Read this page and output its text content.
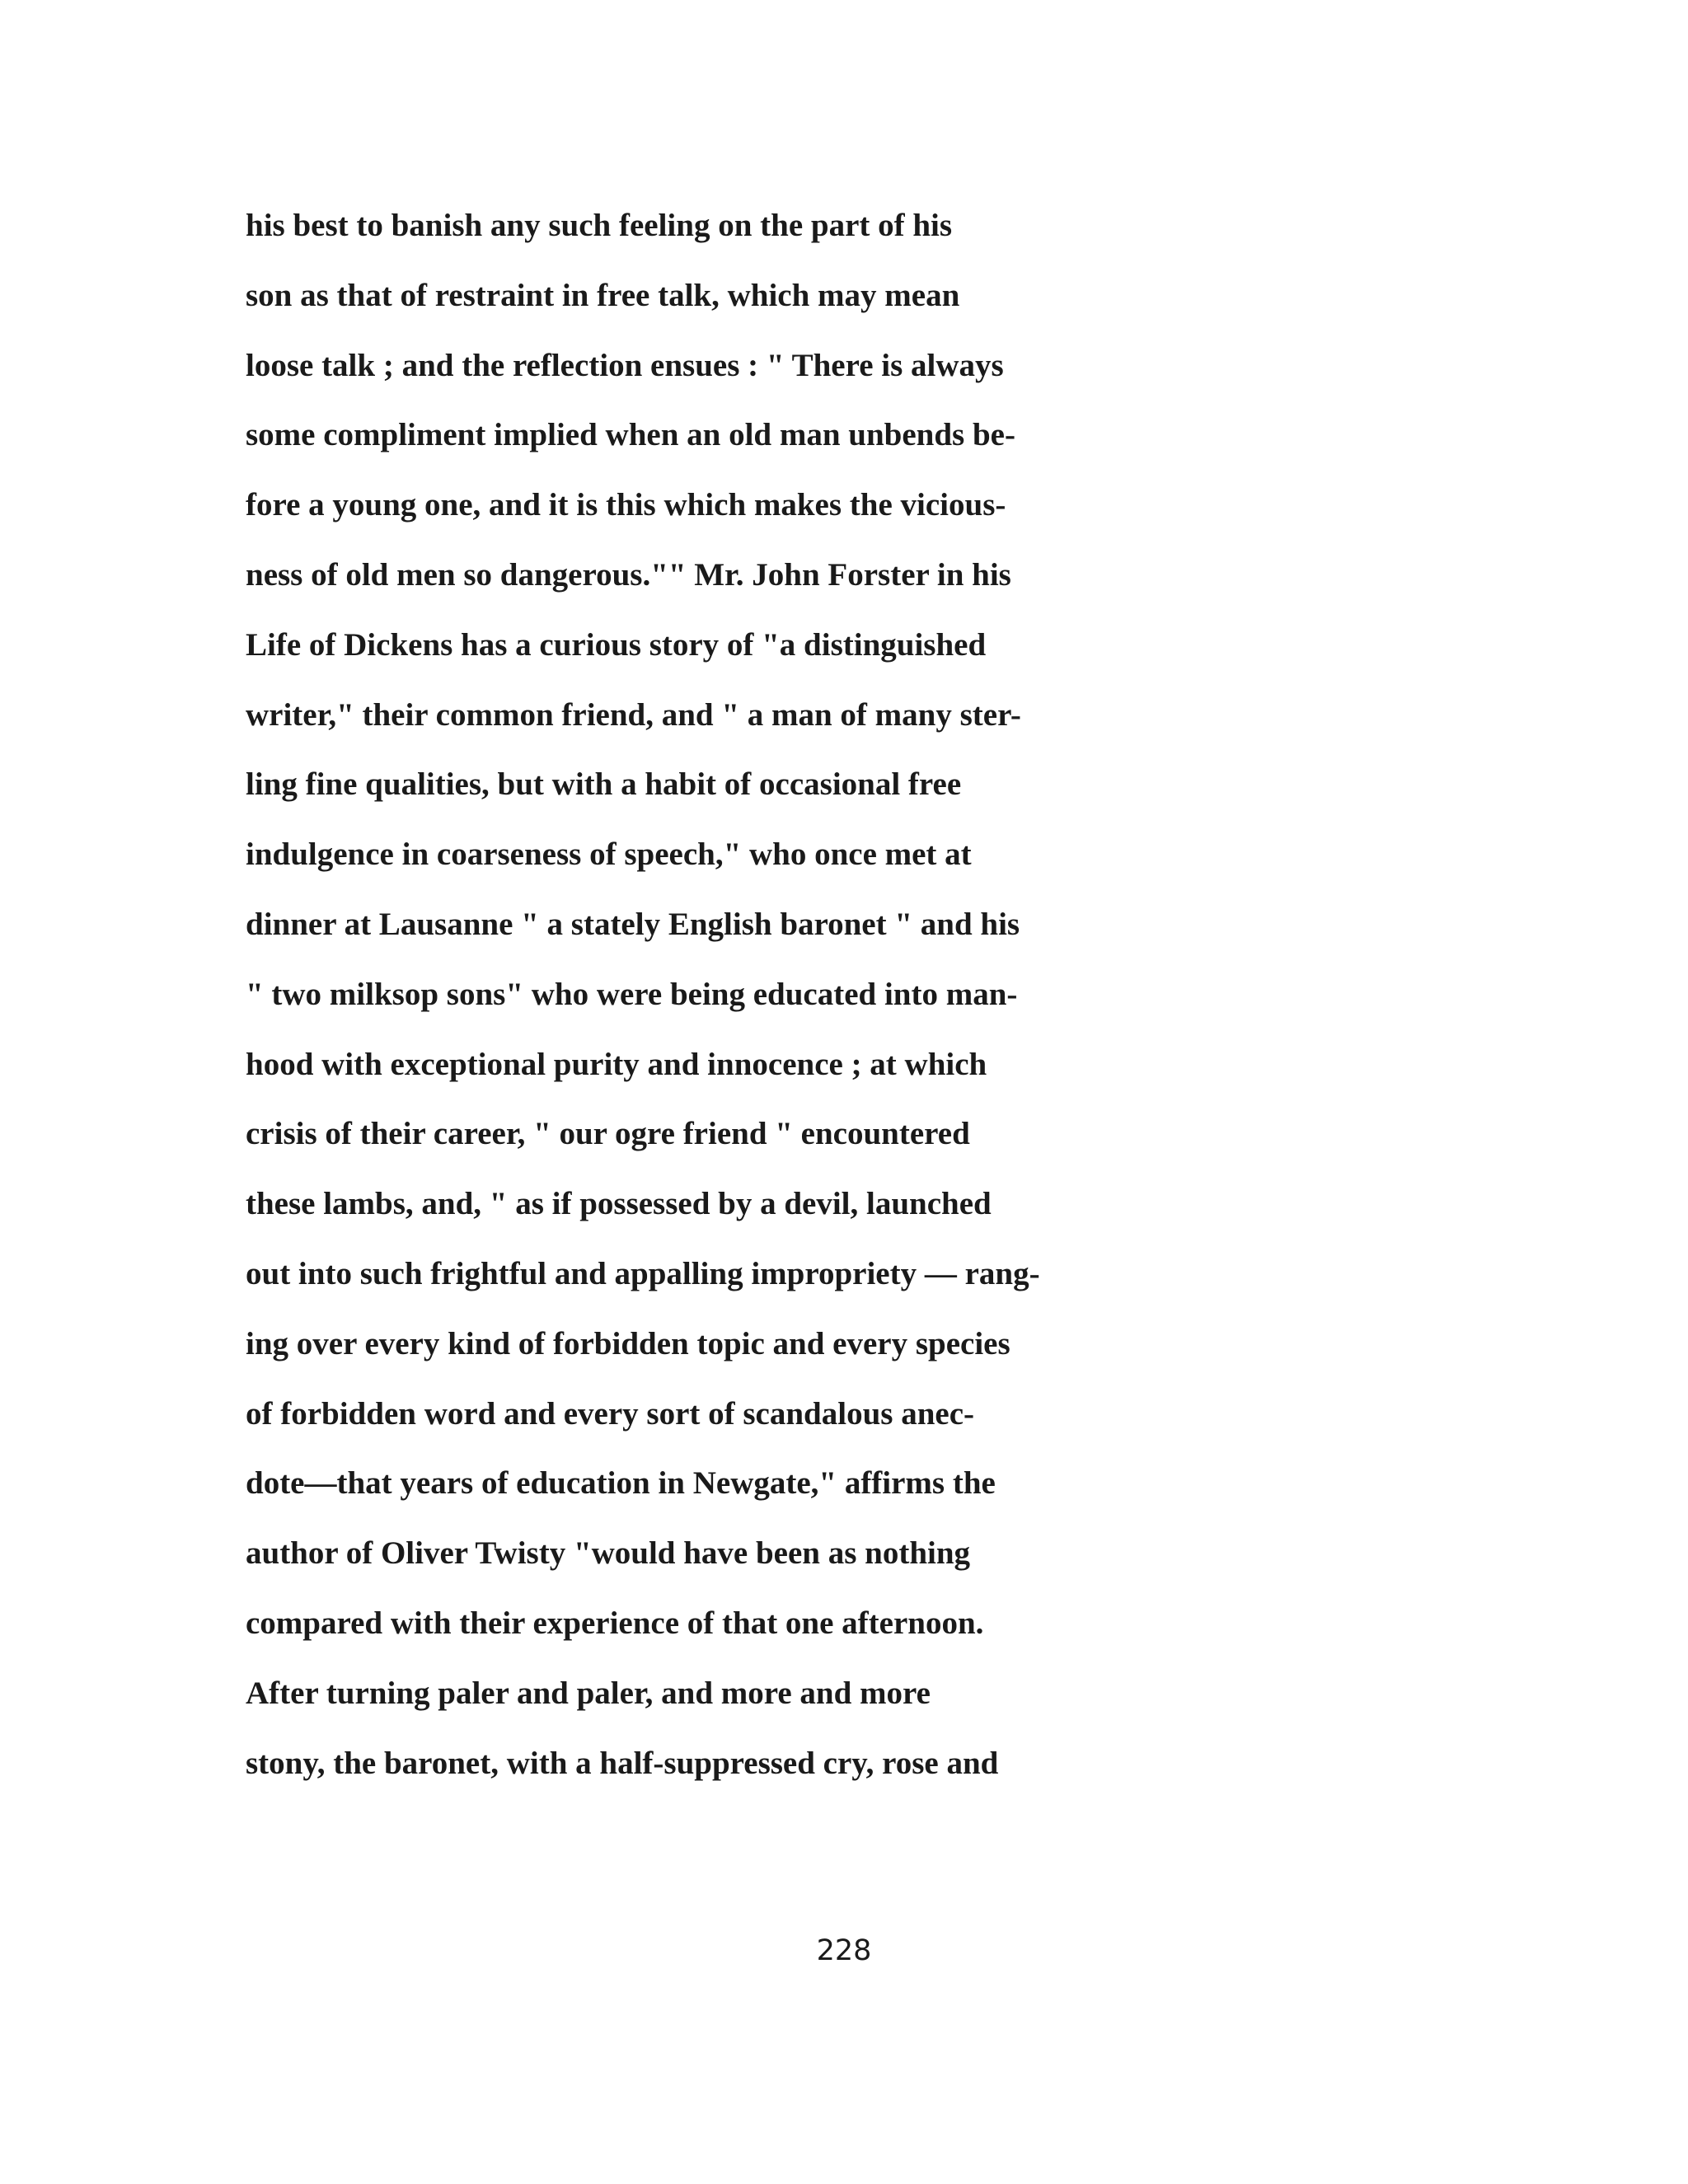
his best to banish any such feeling on the part of his
son as that of restraint in free talk, which may mean
loose talk ; and the reflection ensues : " There is always
some compliment implied when an old man unbends be-
fore a young one, and it is this which makes the vicious-
ness of old men so dangerous."" Mr. John Forster in his
Life of Dickens has a curious story of "a distinguished
writer," their common friend, and " a man of many ster-
ling fine qualities, but with a habit of occasional free
indulgence in coarseness of speech," who once met at
dinner at Lausanne " a stately English baronet " and his
" two milksop sons" who were being educated into man-
hood with exceptional purity and innocence ; at which
crisis of their career, " our ogre friend " encountered
these lambs, and, " as if possessed by a devil, launched
out into such frightful and appalling impropriety — rang-
ing over every kind of forbidden topic and every species
of forbidden word and every sort of scandalous anec-
dote—that years of education in Newgate," affirms the
author of Oliver Twisty "would have been as nothing
compared with their experience of that one afternoon.
After turning paler and paler, and more and more
stony, the baronet, with a half-suppressed cry, rose and
228
